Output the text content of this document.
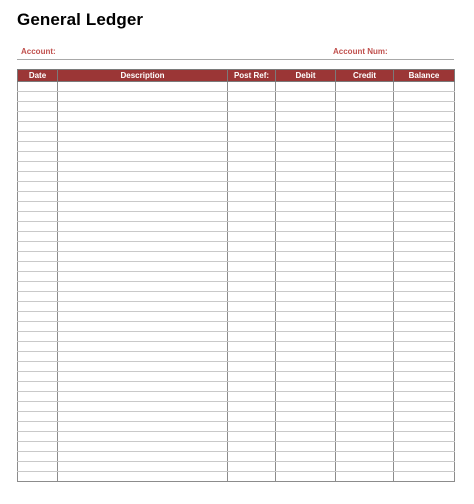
General Ledger
Account:	Account Num:
Date	Description	Post Ref:	Debit	Credit	Balance
